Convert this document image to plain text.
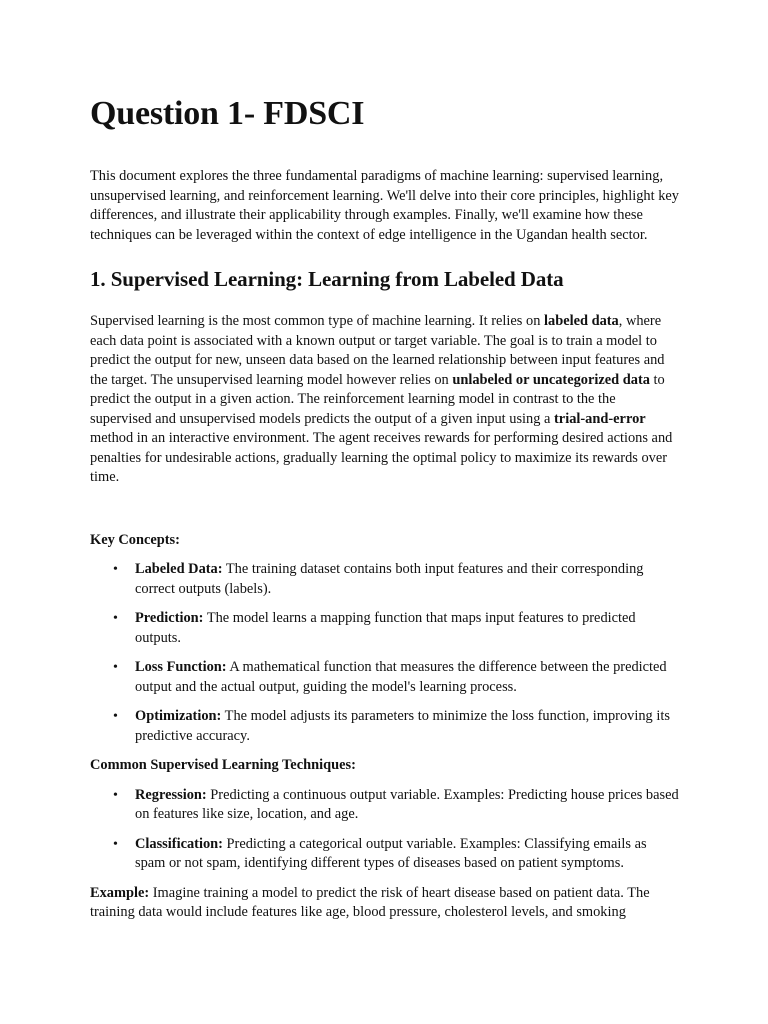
Question 1- FDSCI

This document explores the three fundamental paradigms of machine learning: supervised learning, unsupervised learning, and reinforcement learning. We'll delve into their core principles, highlight key differences, and illustrate their applicability through examples. Finally, we'll examine how these techniques can be leveraged within the context of edge intelligence in the Ugandan health sector.

1. Supervised Learning: Learning from Labeled Data

Supervised learning is the most common type of machine learning. It relies on labeled data, where each data point is associated with a known output or target variable. The goal is to train a model to predict the output for new, unseen data based on the learned relationship between input features and the target. The unsupervised learning model however relies on unlabeled or uncategorized data to predict the output in a given action. The reinforcement learning model in contrast to the the supervised and unsupervised models predicts the output of a given input using a trial-and-error method in an interactive environment. The agent receives rewards for performing desired actions and penalties for undesirable actions, gradually learning the optimal policy to maximize its rewards over time.

Key Concepts:

• Labeled Data: The training dataset contains both input features and their corresponding correct outputs (labels).
• Prediction: The model learns a mapping function that maps input features to predicted outputs.
• Loss Function: A mathematical function that measures the difference between the predicted output and the actual output, guiding the model's learning process.
• Optimization: The model adjusts its parameters to minimize the loss function, improving its predictive accuracy.

Common Supervised Learning Techniques:

• Regression: Predicting a continuous output variable. Examples: Predicting house prices based on features like size, location, and age.
• Classification: Predicting a categorical output variable. Examples: Classifying emails as spam or not spam, identifying different types of diseases based on patient symptoms.

Example: Imagine training a model to predict the risk of heart disease based on patient data. The training data would include features like age, blood pressure, cholesterol levels, and smoking
